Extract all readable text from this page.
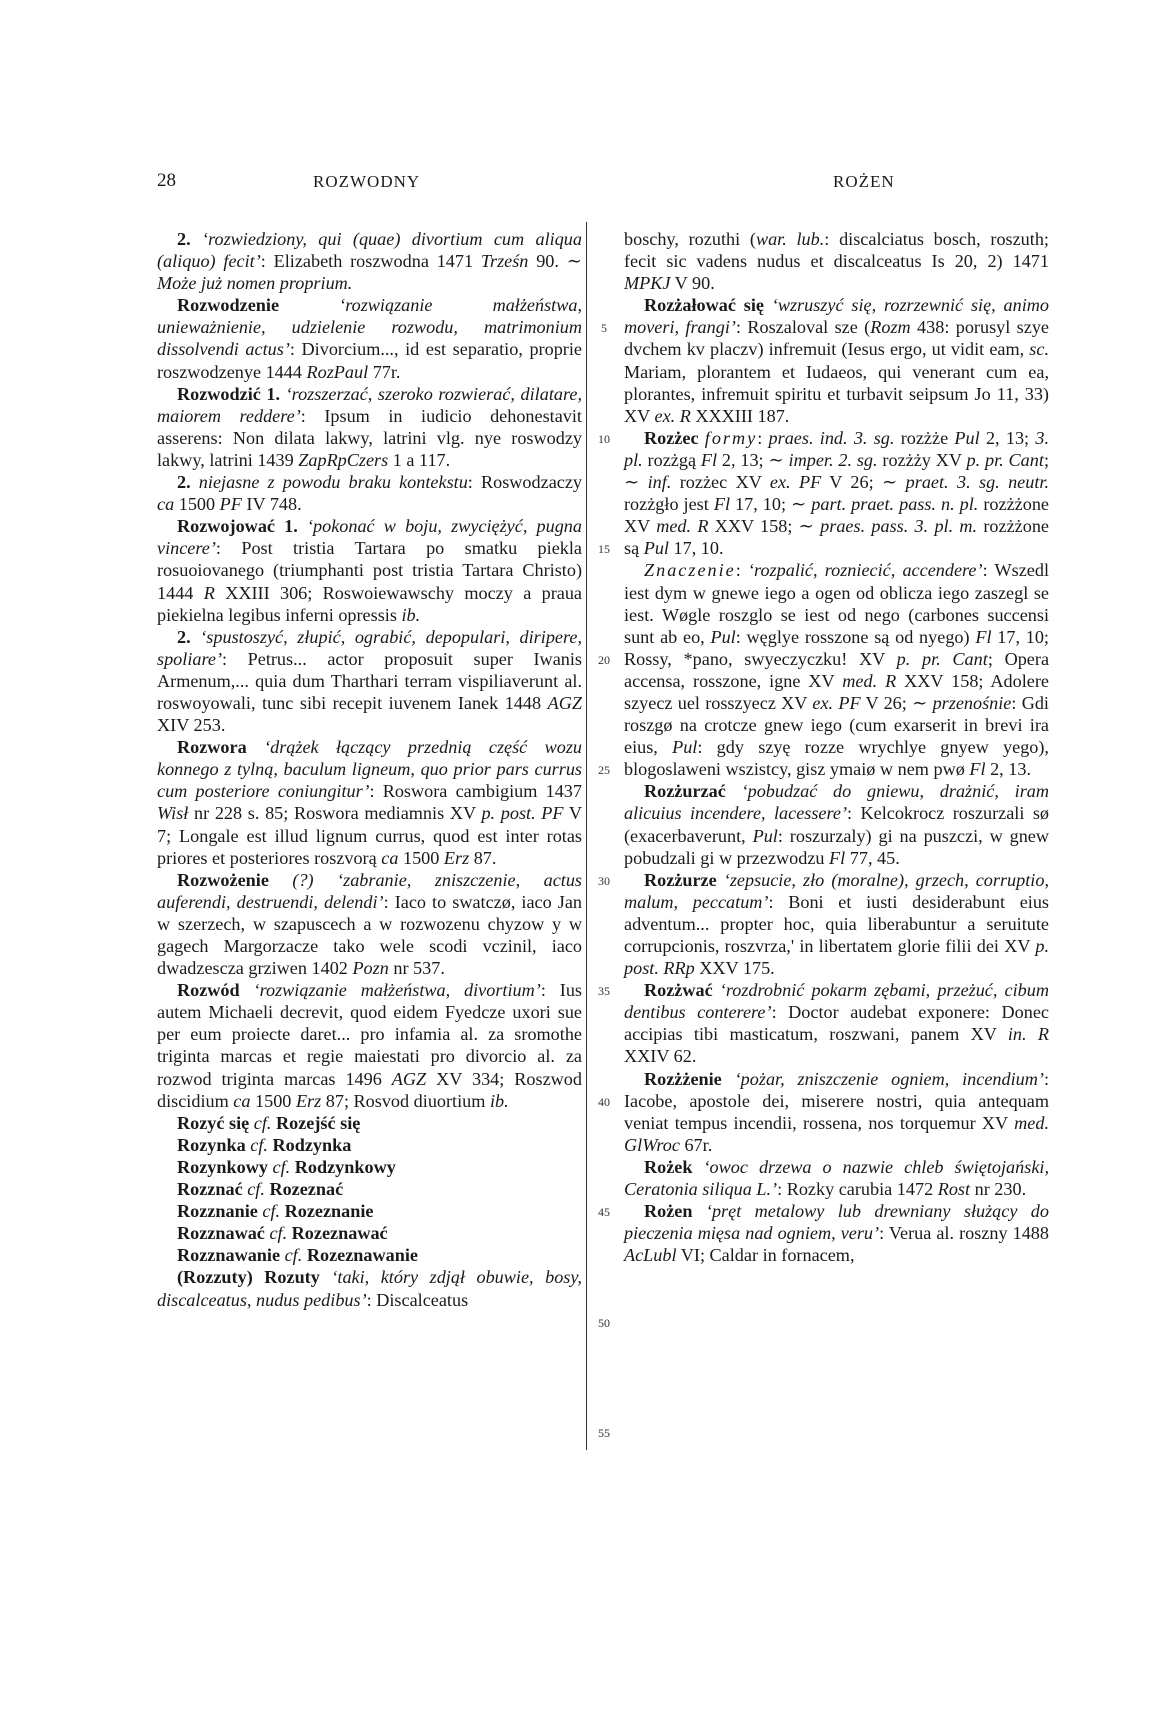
28	ROZWODNY	ROŻEN

2. ‘rozwiedziony, qui (quae) divortium cum aliqua (aliquo) fecit’: Elizabeth roszwodna 1471 Trześn 90. ∼ Może już nomen proprium.

Rozwodzenie ‘rozwiązanie małżeństwa, unieważnienie, udzielenie rozwodu, matrimonium dissolvendi actus’: Divorcium..., id est separatio, proprie roszwodzenye 1444 RozPaul 77r.

Rozwodzić 1. ‘rozszerzać, szeroko rozwierać, dilatare, maiorem reddere’: Ipsum in iudicio dehonestavit asserens: Non dilata lakwy, latrini vlg. nye roswodzy lakwy, latrini 1439 ZapRpCzers 1 a 117.

2. niejasne z powodu braku kontekstu: Roswodzaczy ca 1500 PF IV 748.

Rozwojować 1. ‘pokonać w boju, zwyciężyć, pugna vincere’: Post tristia Tartara po smatku piekla rosuoiovanego (triumphanti post tristia Tartara Christo) 1444 R XXIII 306; Roswoiewawschy moczy a praua piekielna legibus inferni opressis ib.

2. ‘spustoszyć, złupić, ograbić, depopulari, diripere, spoliare’: Petrus... actor proposuit super Iwanis Armenum,... quia dum Tharthari terram vispiliaverunt al. roswoyowali, tunc sibi recepit iuvenem Ianek 1448 AGZ XIV 253.

Rozwora ‘drążek łączący przednią część wozu konnego z tylną, baculum ligneum, quo prior pars currus cum posteriore coniungitur’: Roswora cambigium 1437 Wisł nr 228 s. 85; Roswora mediamnis XV p. post. PF V 7; Longale est illud lignum currus, quod est inter rotas priores et posteriores roszvorą ca 1500 Erz 87.

Rozwożenie (?) ‘zabranie, zniszczenie, actus auferendi, destruendi, delendi’: Iaco to swatczø, iaco Jan w szerzech, w szapuscech a w rozwozenu chyzow y w gagech Margorzacze tako wele scodi vczinil, iaco dwadzescza grziwen 1402 Pozn nr 537.

Rozwód ‘rozwiązanie małżeństwa, divortium’: Ius autem Michaeli decrevit, quod eidem Fyedcze uxori sue per eum proiecte daret... pro infamia al. za sromothe triginta marcas et regie maiestati pro divorcio al. za rozwod triginta marcas 1496 AGZ XV 334; Roszwod discidium ca 1500 Erz 87; Rosvod diuortium ib.

Rozyć się cf. Rozejść się

Rozynka cf. Rodzynka

Rozynkowy cf. Rodzynkowy

Rozznać cf. Rozeznać

Rozznanie cf. Rozeznanie

Rozznawać cf. Rozeznawać

Rozznawanie cf. Rozeznawanie

(Rozzuty) Rozuty ‘taki, który zdjął obuwie, bosy, discalceatus, nudus pedibus’: Discalceatus

5
10
15
20
25
30
35
40
45
50
55

boschy, rozuthi (war. lub.: discalciatus bosch, roszuth; fecit sic vadens nudus et discalceatus Is 20, 2) 1471 MPKJ V 90.

Rozżałować się ‘wzruszyć się, rozrzewnić się, animo moveri, frangi’: Roszaloval sze (Rozm 438: porusyl szye dvchem kv placzv) infremuit (Iesus ergo, ut vidit eam, sc. Mariam, plorantem et Iudaeos, qui venerant cum ea, plorantes, infremuit spiritu et turbavit seipsum Jo 11, 33) XV ex. R XXXIII 187.

Rozżec formy: praes. ind. 3. sg. rozżże Pul 2, 13; 3. pl. rozżgą Fl 2, 13; ∼ imper. 2. sg. rozżży XV p. pr. Cant; ∼ inf. rozżec XV ex. PF V 26; ∼ praet. 3. sg. neutr. rozżgło jest Fl 17, 10; ∼ part. praet. pass. n. pl. rozżżone XV med. R XXV 158; ∼ praes. pass. 3. pl. m. rozżżone są Pul 17, 10.

Znaczenie: ‘rozpalić, rozniecić, accendere’: Wszedl iest dym w gnewe iego a ogen od oblicza iego zaszegl se iest. Wøgle roszglo se iest od nego (carbones succensi sunt ab eo, Pul: węglye rosszone są od nyego) Fl 17, 10; Rossy, *pano, swyeczyczku! XV p. pr. Cant; Opera accensa, rosszone, igne XV med. R XXV 158; Adolere szyecz uel rosszyecz XV ex. PF V 26; ∼ przenośnie: Gdi roszgø na crotcze gnew iego (cum exarserit in brevi ira eius, Pul: gdy szyę rozze wrychlye gnyew yego), blogoslaweni wszistcy, gisz ymaiø w nem pwø Fl 2, 13.

Rozżurzać ‘pobudzać do gniewu, drażnić, iram alicuius incendere, lacessere’: Kelcokrocz roszurzali sø (exacerbaverunt, Pul: roszurzaly) gi na puszczi, w gnew pobudzali gi w przezwodzu Fl 77, 45.

Rozżurze ‘zepsucie, zło (moralne), grzech, corruptio, malum, peccatum’: Boni et iusti desiderabunt eius adventum... propter hoc, quia liberabuntur a seruitute corrupcionis, roszvrza,' in libertatem glorie filii dei XV p. post. RRp XXV 175.

Rozżwać ‘rozdrobnić pokarm zębami, przeżuć, cibum dentibus conterere’: Doctor audebat exponere: Donec accipias tibi masticatum, roszwani, panem XV in. R XXIV 62.

Rozżżenie ‘pożar, zniszczenie ogniem, incendium’: Iacobe, apostole dei, miserere nostri, quia antequam veniat tempus incendii, rossena, nos torquemur XV med. GlWroc 67r.

Rożek ‘owoc drzewa o nazwie chleb świętojański, Ceratonia siliqua L.’: Rozky carubia 1472 Rost nr 230.

Rożen ‘pręt metalowy lub drewniany służący do pieczenia mięsa nad ogniem, veru’: Verua al. roszny 1488 AcLubl VI; Caldar in fornacem,
